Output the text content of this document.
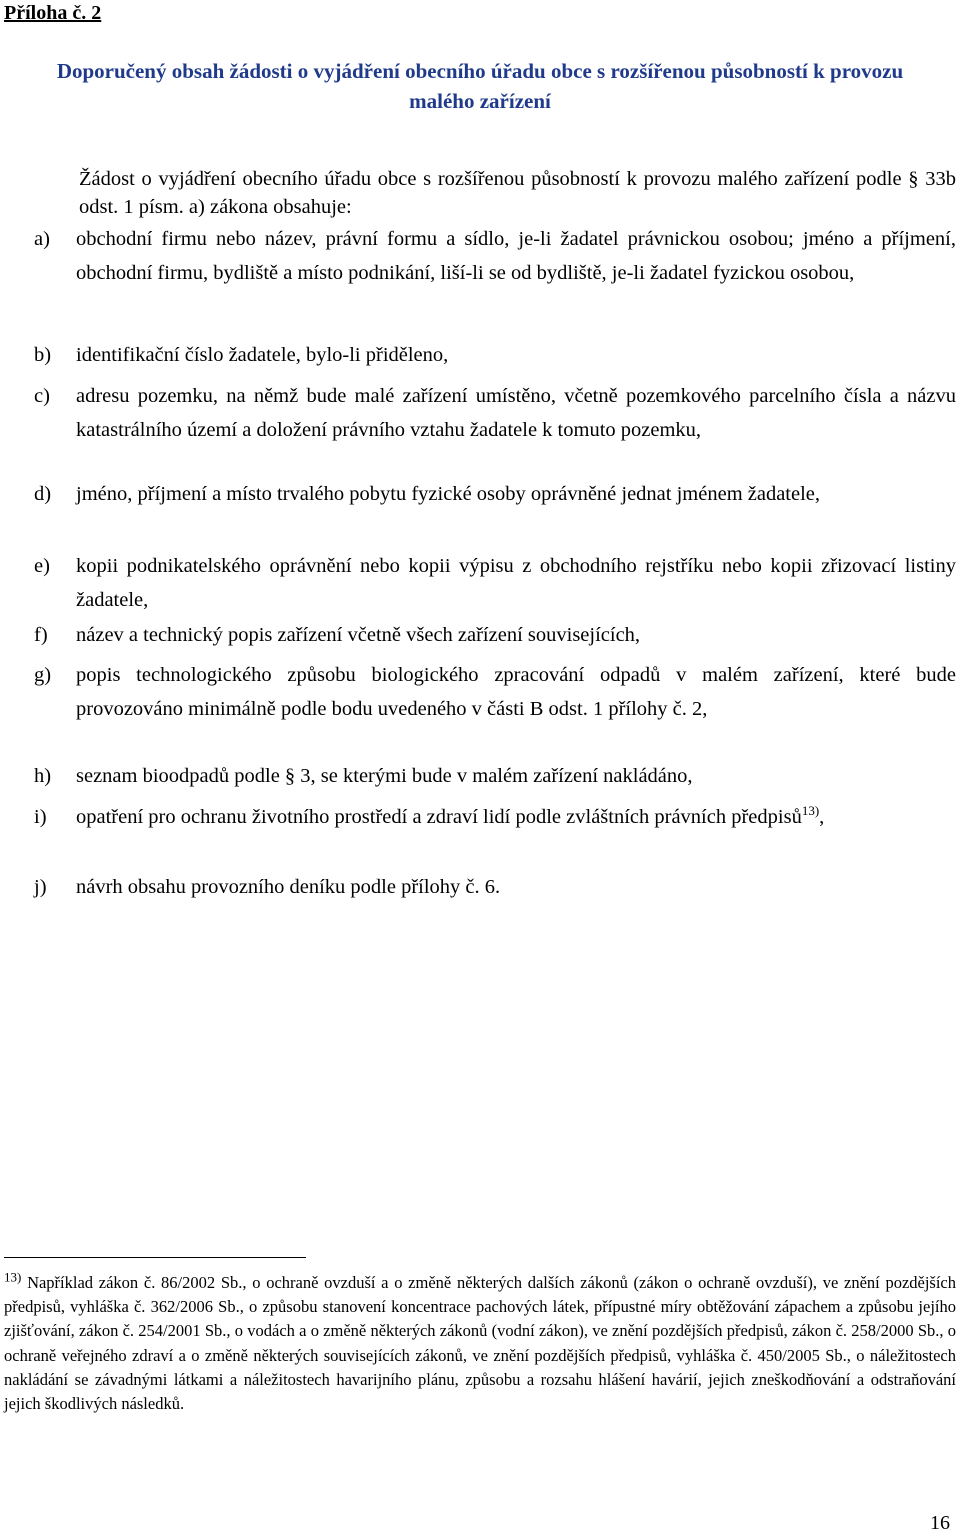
Příloha č. 2
Doporučený obsah žádosti o vyjádření obecního úřadu obce s rozšířenou působností k provozu malého zařízení
Žádost o vyjádření obecního úřadu obce s rozšířenou působností k provozu malého zařízení podle § 33b odst. 1 písm. a) zákona obsahuje:
a) obchodní firmu nebo název, právní formu a sídlo, je-li žadatel právnickou osobou; jméno a příjmení, obchodní firmu, bydliště a místo podnikání, liší-li se od bydliště, je-li žadatel fyzickou osobou,
b) identifikační číslo žadatele, bylo-li přiděleno,
c) adresu pozemku, na němž bude malé zařízení umístěno, včetně pozemkového parcelního čísla a názvu katastrálního území a doložení právního vztahu žadatele k tomuto pozemku,
d) jméno, příjmení a místo trvalého pobytu fyzické osoby oprávněné jednat jménem žadatele,
e) kopii podnikatelského oprávnění nebo kopii výpisu z obchodního rejstříku nebo kopii zřizovací listiny žadatele,
f) název a technický popis zařízení včetně všech zařízení souvisejících,
g) popis technologického způsobu biologického zpracování odpadů v malém zařízení, které bude provozováno minimálně podle bodu uvedeného v části B odst. 1 přílohy č. 2,
h) seznam bioodpadů podle § 3, se kterými bude v malém zařízení nakládáno,
i) opatření pro ochranu životního prostředí a zdraví lidí podle zvláštních právních předpisů$^{13)}$,
j) návrh obsahu provozního deníku podle přílohy č. 6.
$^{13)}$ Například zákon č. 86/2002 Sb., o ochraně ovzduší a o změně některých dalších zákonů (zákon o ochraně ovzduší), ve znění pozdějších předpisů, vyhláška č. 362/2006 Sb., o způsobu stanovení koncentrace pachových látek, přípustné míry obtěžování zápachem a způsobu jejího zjišťování, zákon č. 254/2001 Sb., o vodách a o změně některých zákonů (vodní zákon), ve znění pozdějších předpisů, zákon č. 258/2000 Sb., o ochraně veřejného zdraví a o změně některých souvisejících zákonů, ve znění pozdějších předpisů, vyhláška č. 450/2005 Sb., o náležitostech nakládání se závadnými látkami a náležitostech havarijního plánu, způsobu a rozsahu hlášení havárií, jejich zneškodňování a odstraňování jejich škodlivých následků.
16
